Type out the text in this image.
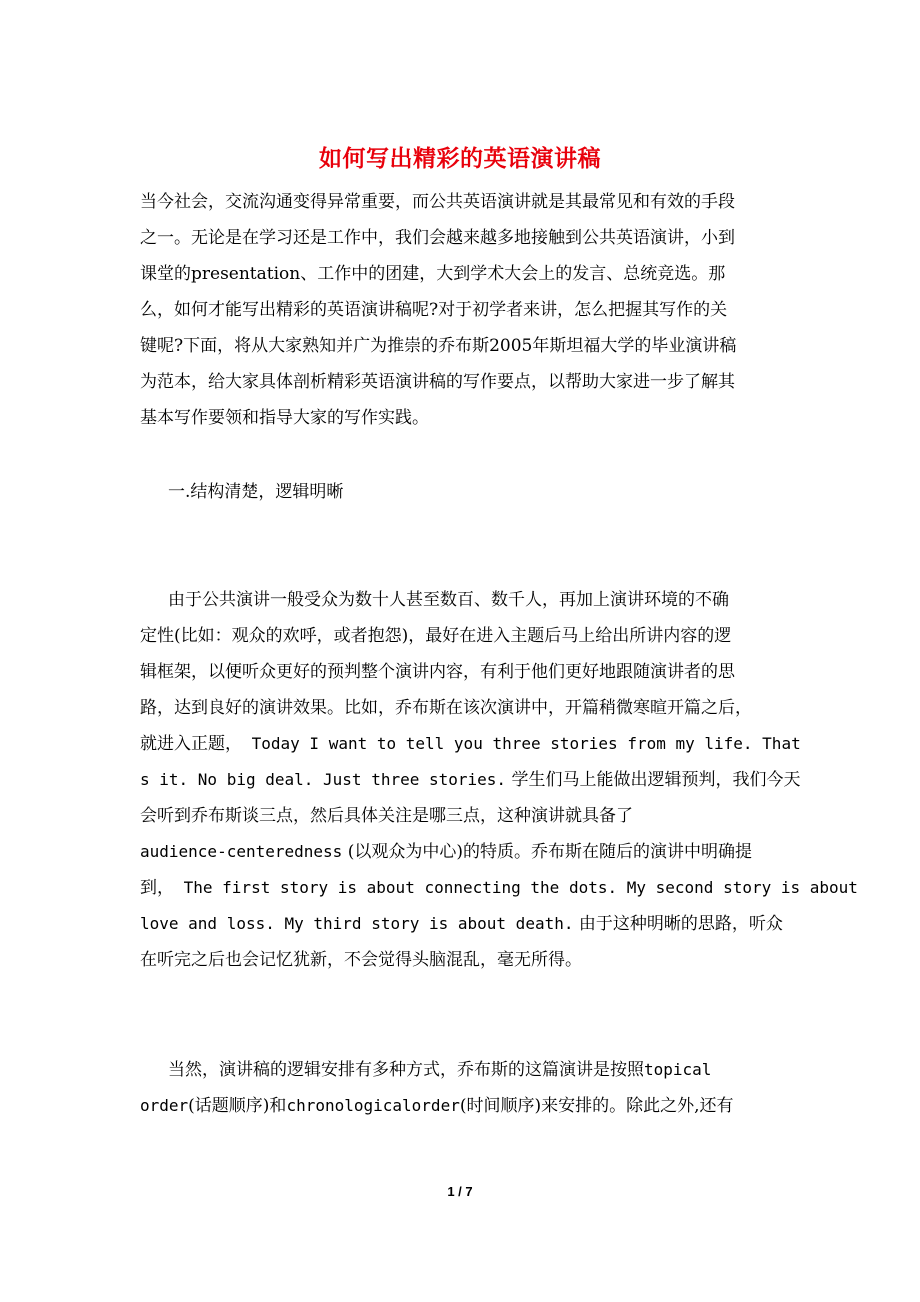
如何写出精彩的英语演讲稿
当今社会，交流沟通变得异常重要，而公共英语演讲就是其最常见和有效的手段
之一。无论是在学习还是工作中，我们会越来越多地接触到公共英语演讲，小到
课堂的presentation、工作中的团建，大到学术大会上的发言、总统竞选。那
么，如何才能写出精彩的英语演讲稿呢?对于初学者来讲，怎么把握其写作的关
键呢?下面，将从大家熟知并广为推崇的乔布斯2005年斯坦福大学的毕业演讲稿
为范本，给大家具体剖析精彩英语演讲稿的写作要点，以帮助大家进一步了解其
基本写作要领和指导大家的写作实践。
一.结构清楚，逻辑明晰
由于公共演讲一般受众为数十人甚至数百、数千人，再加上演讲环境的不确
定性(比如：观众的欢呼，或者抱怨)，最好在进入主题后马上给出所讲内容的逻
辑框架，以便听众更好的预判整个演讲内容，有利于他们更好地跟随演讲者的思
路，达到良好的演讲效果。比如，乔布斯在该次演讲中，开篇稍微寒暄开篇之后，
就进入正题， Today I want to tell you three stories from my life. That
s it. No big deal. Just three stories. 学生们马上能做出逻辑预判，我们今天
会听到乔布斯谈三点，然后具体关注是哪三点，这种演讲就具备了
audience-centeredness (以观众为中心)的特质。乔布斯在随后的演讲中明确提
到， The first story is about connecting the dots. My second story is about
love and loss. My third story is about death. 由于这种明晰的思路，听众
在听完之后也会记忆犹新，不会觉得头脑混乱，毫无所得。
当然，演讲稿的逻辑安排有多种方式，乔布斯的这篇演讲是按照topical
order(话题顺序)和chronologicalorder(时间顺序)来安排的。除此之外,还有
1 / 7
